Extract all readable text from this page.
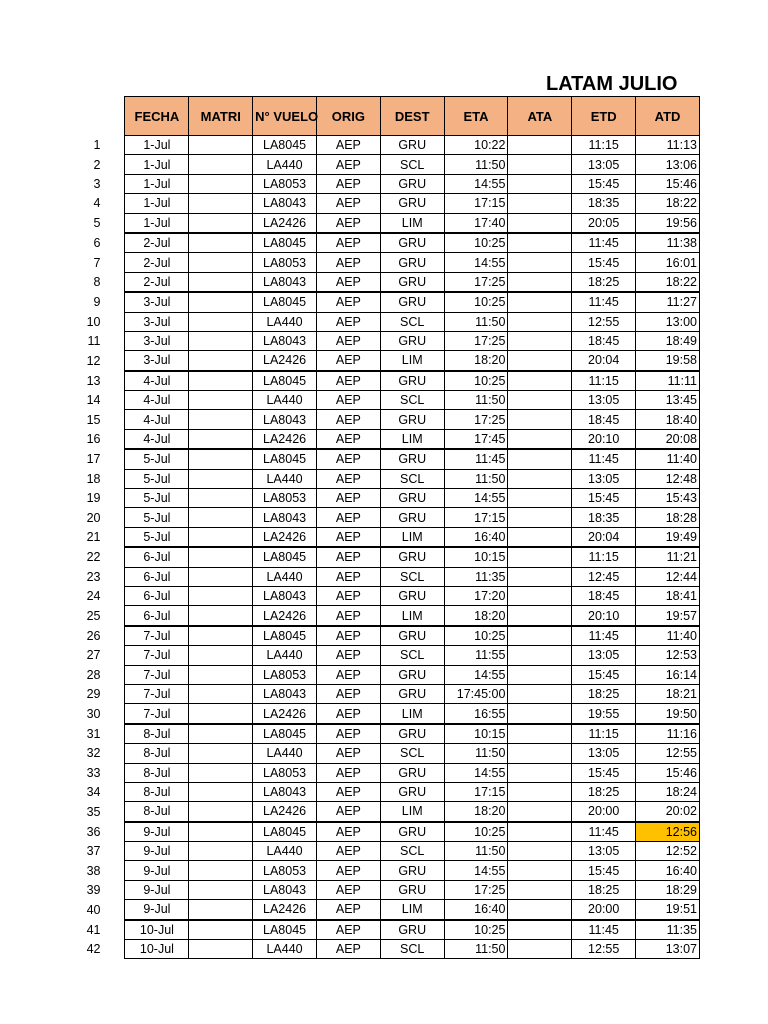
LATAM JULIO
	FECHA	MATRI	N° VUELO	ORIG	DEST	ETA	ATA	ETD	ATD
1	1-Jul		LA8045	AEP	GRU	10:22		11:15	11:13
2	1-Jul		LA440	AEP	SCL	11:50		13:05	13:06
3	1-Jul		LA8053	AEP	GRU	14:55		15:45	15:46
4	1-Jul		LA8043	AEP	GRU	17:15		18:35	18:22
5	1-Jul		LA2426	AEP	LIM	17:40		20:05	19:56
6	2-Jul		LA8045	AEP	GRU	10:25		11:45	11:38
7	2-Jul		LA8053	AEP	GRU	14:55		15:45	16:01
8	2-Jul		LA8043	AEP	GRU	17:25		18:25	18:22
9	3-Jul		LA8045	AEP	GRU	10:25		11:45	11:27
10	3-Jul		LA440	AEP	SCL	11:50		12:55	13:00
11	3-Jul		LA8043	AEP	GRU	17:25		18:45	18:49
12	3-Jul		LA2426	AEP	LIM	18:20		20:04	19:58
13	4-Jul		LA8045	AEP	GRU	10:25		11:15	11:11
14	4-Jul		LA440	AEP	SCL	11:50		13:05	13:45
15	4-Jul		LA8043	AEP	GRU	17:25		18:45	18:40
16	4-Jul		LA2426	AEP	LIM	17:45		20:10	20:08
17	5-Jul		LA8045	AEP	GRU	11:45		11:45	11:40
18	5-Jul		LA440	AEP	SCL	11:50		13:05	12:48
19	5-Jul		LA8053	AEP	GRU	14:55		15:45	15:43
20	5-Jul		LA8043	AEP	GRU	17:15		18:35	18:28
21	5-Jul		LA2426	AEP	LIM	16:40		20:04	19:49
22	6-Jul		LA8045	AEP	GRU	10:15		11:15	11:21
23	6-Jul		LA440	AEP	SCL	11:35		12:45	12:44
24	6-Jul		LA8043	AEP	GRU	17:20		18:45	18:41
25	6-Jul		LA2426	AEP	LIM	18:20		20:10	19:57
26	7-Jul		LA8045	AEP	GRU	10:25		11:45	11:40
27	7-Jul		LA440	AEP	SCL	11:55		13:05	12:53
28	7-Jul		LA8053	AEP	GRU	14:55		15:45	16:14
29	7-Jul		LA8043	AEP	GRU	17:45:00		18:25	18:21
30	7-Jul		LA2426	AEP	LIM	16:55		19:55	19:50
31	8-Jul		LA8045	AEP	GRU	10:15		11:15	11:16
32	8-Jul		LA440	AEP	SCL	11:50		13:05	12:55
33	8-Jul		LA8053	AEP	GRU	14:55		15:45	15:46
34	8-Jul		LA8043	AEP	GRU	17:15		18:25	18:24
35	8-Jul		LA2426	AEP	LIM	18:20		20:00	20:02
36	9-Jul		LA8045	AEP	GRU	10:25		11:45	12:56
37	9-Jul		LA440	AEP	SCL	11:50		13:05	12:52
38	9-Jul		LA8053	AEP	GRU	14:55		15:45	16:40
39	9-Jul		LA8043	AEP	GRU	17:25		18:25	18:29
40	9-Jul		LA2426	AEP	LIM	16:40		20:00	19:51
41	10-Jul		LA8045	AEP	GRU	10:25		11:45	11:35
42	10-Jul		LA440	AEP	SCL	11:50		12:55	13:07
